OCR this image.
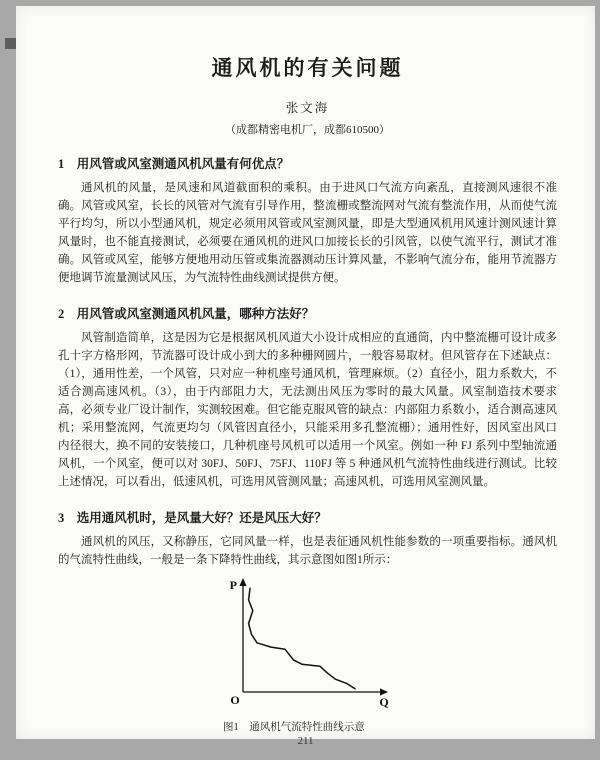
通风机的有关问题
张文海
（成都精密电机厂，成都610500）
1　用风管或风室测通风机风量有何优点？

通风机的风量，是风速和风道截面积的乘积。由于进风口气流方向紊乱，直接测风速很不准确。风管或风室，长长的风管对气流有引导作用，整流栅或整流网对气流有整流作用，从而使气流平行均匀，所以小型通风机，规定必须用风管或风室测风量，即是大型通风机用风速计测风速计算风量时，也不能直接测试，必须要在通风机的进风口加接长长的引风管，以使气流平行，测试才准确。风管或风室，能够方便地用动压管或集流器测动压计算风量，不影响气流分布，能用节流器方便地调节流量测试风压，为气流特性曲线测试提供方便。

2　用风管或风室测通风机风量，哪种方法好？

风管制造简单，这是因为它是根据风机风道大小设计成相应的直通筒，内中整流栅可设计成多孔十字方格形网，节流器可设计成小到大的多种栅网圆片，一般容易取材。但风管存在下述缺点：（1），通用性差，一个风管，只对应一种机座号通风机，管理麻烦。（2）直径小，阻力系数大，不适合测高速风机。（3），由于内部阻力大，无法测出风压为零时的最大风量。风室制造技术要求高，必须专业厂设计制作，实测较困难。但它能克服风管的缺点：内部阻力系数小，适合测高速风机；采用整流网，气流更均匀（风管因直径小，只能采用多孔整流栅）；通用性好，因风室出风口内径很大，换不同的安装接口，几种机座号风机可以适用一个风室。例如一种 FJ 系列中型轴流通风机，一个风室，便可以对 30FJ、50FJ、75FJ、110FJ 等 5 种通风机气流特性曲线进行测试。比较上述情况，可以看出，低速风机，可选用风管测风量；高速风机，可选用风室测风量。

3　选用通风机时，是风量大好？还是风压大好？

通风机的风压，又称静压，它同风量一样，也是表征通风机性能参数的一项重要指标。通风机的气流特性曲线，一般是一条下降特性曲线，其示意图如图1所示：

P
Q
O
图1　通风机气流特性曲线示意
211
